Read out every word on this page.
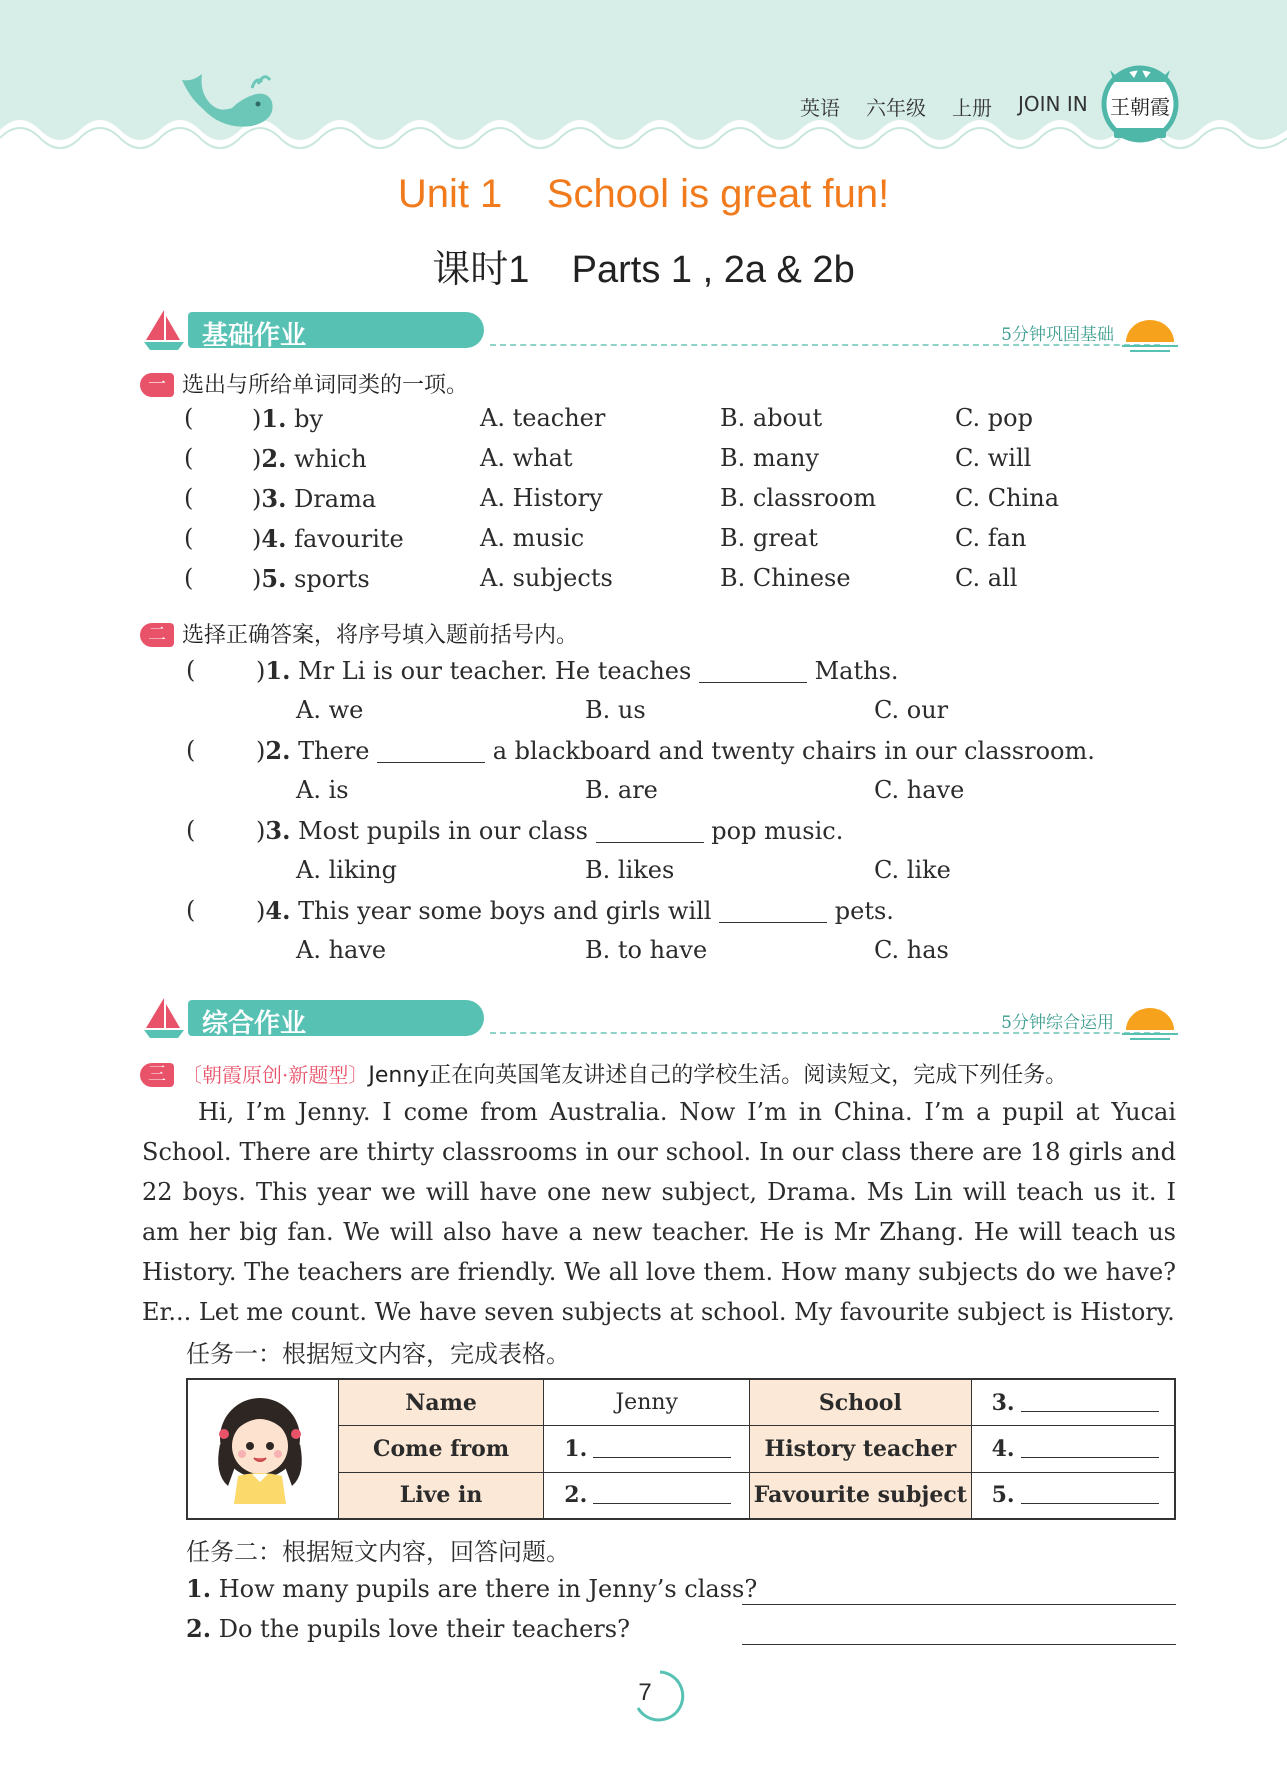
英语 六年级 上册 JOIN IN 王朝霞
Unit 1    School is great fun!
课时1    Parts 1 , 2a & 2b
基础作业	5分钟巩固基础
一 选出与所给单词同类的一项。
( )1. by	A. teacher	B. about	C. pop
( )2. which	A. what	B. many	C. will
( )3. Drama	A. History	B. classroom	C. China
( )4. favourite	A. music	B. great	C. fan
( )5. sports	A. subjects	B. Chinese	C. all
二 选择正确答案，将序号填入题前括号内。
(	)1. Mr Li is our teacher. He teaches	Maths.
A. we	B. us	C. our
(	)2. There	a blackboard and twenty chairs in our classroom.
A. is	B. are	C. have
(	)3. Most pupils in our class	pop music.
A. liking	B. likes	C. like
(	)4. This year some boys and girls will	pets.
A. have	B. to have	C. has
综合作业	5分钟综合运用
三 〔朝霞原创·新题型〕Jenny正在向英国笔友讲述自己的学校生活。阅读短文，完成下列任务。
Hi, I’m Jenny. I come from Australia. Now I’m in China. I’m a pupil at Yucai School. There are thirty classrooms in our school. In our class there are 18 girls and 22 boys. This year we will have one new subject, Drama. Ms Lin will teach us it. I am her big fan. We will also have a new teacher. He is Mr Zhang. He will teach us History. The teachers are friendly. We all love them. How many subjects do we have? Er... Let me count. We have seven subjects at school. My favourite subject is History.
任务一：根据短文内容，完成表格。
	Name	Jenny	School	3.
	Come from	1.	History teacher	4.
	Live in	2.	Favourite subject	5.
任务二：根据短文内容，回答问题。
1. How many pupils are there in Jenny’s class?
2. Do the pupils love their teachers?
7
